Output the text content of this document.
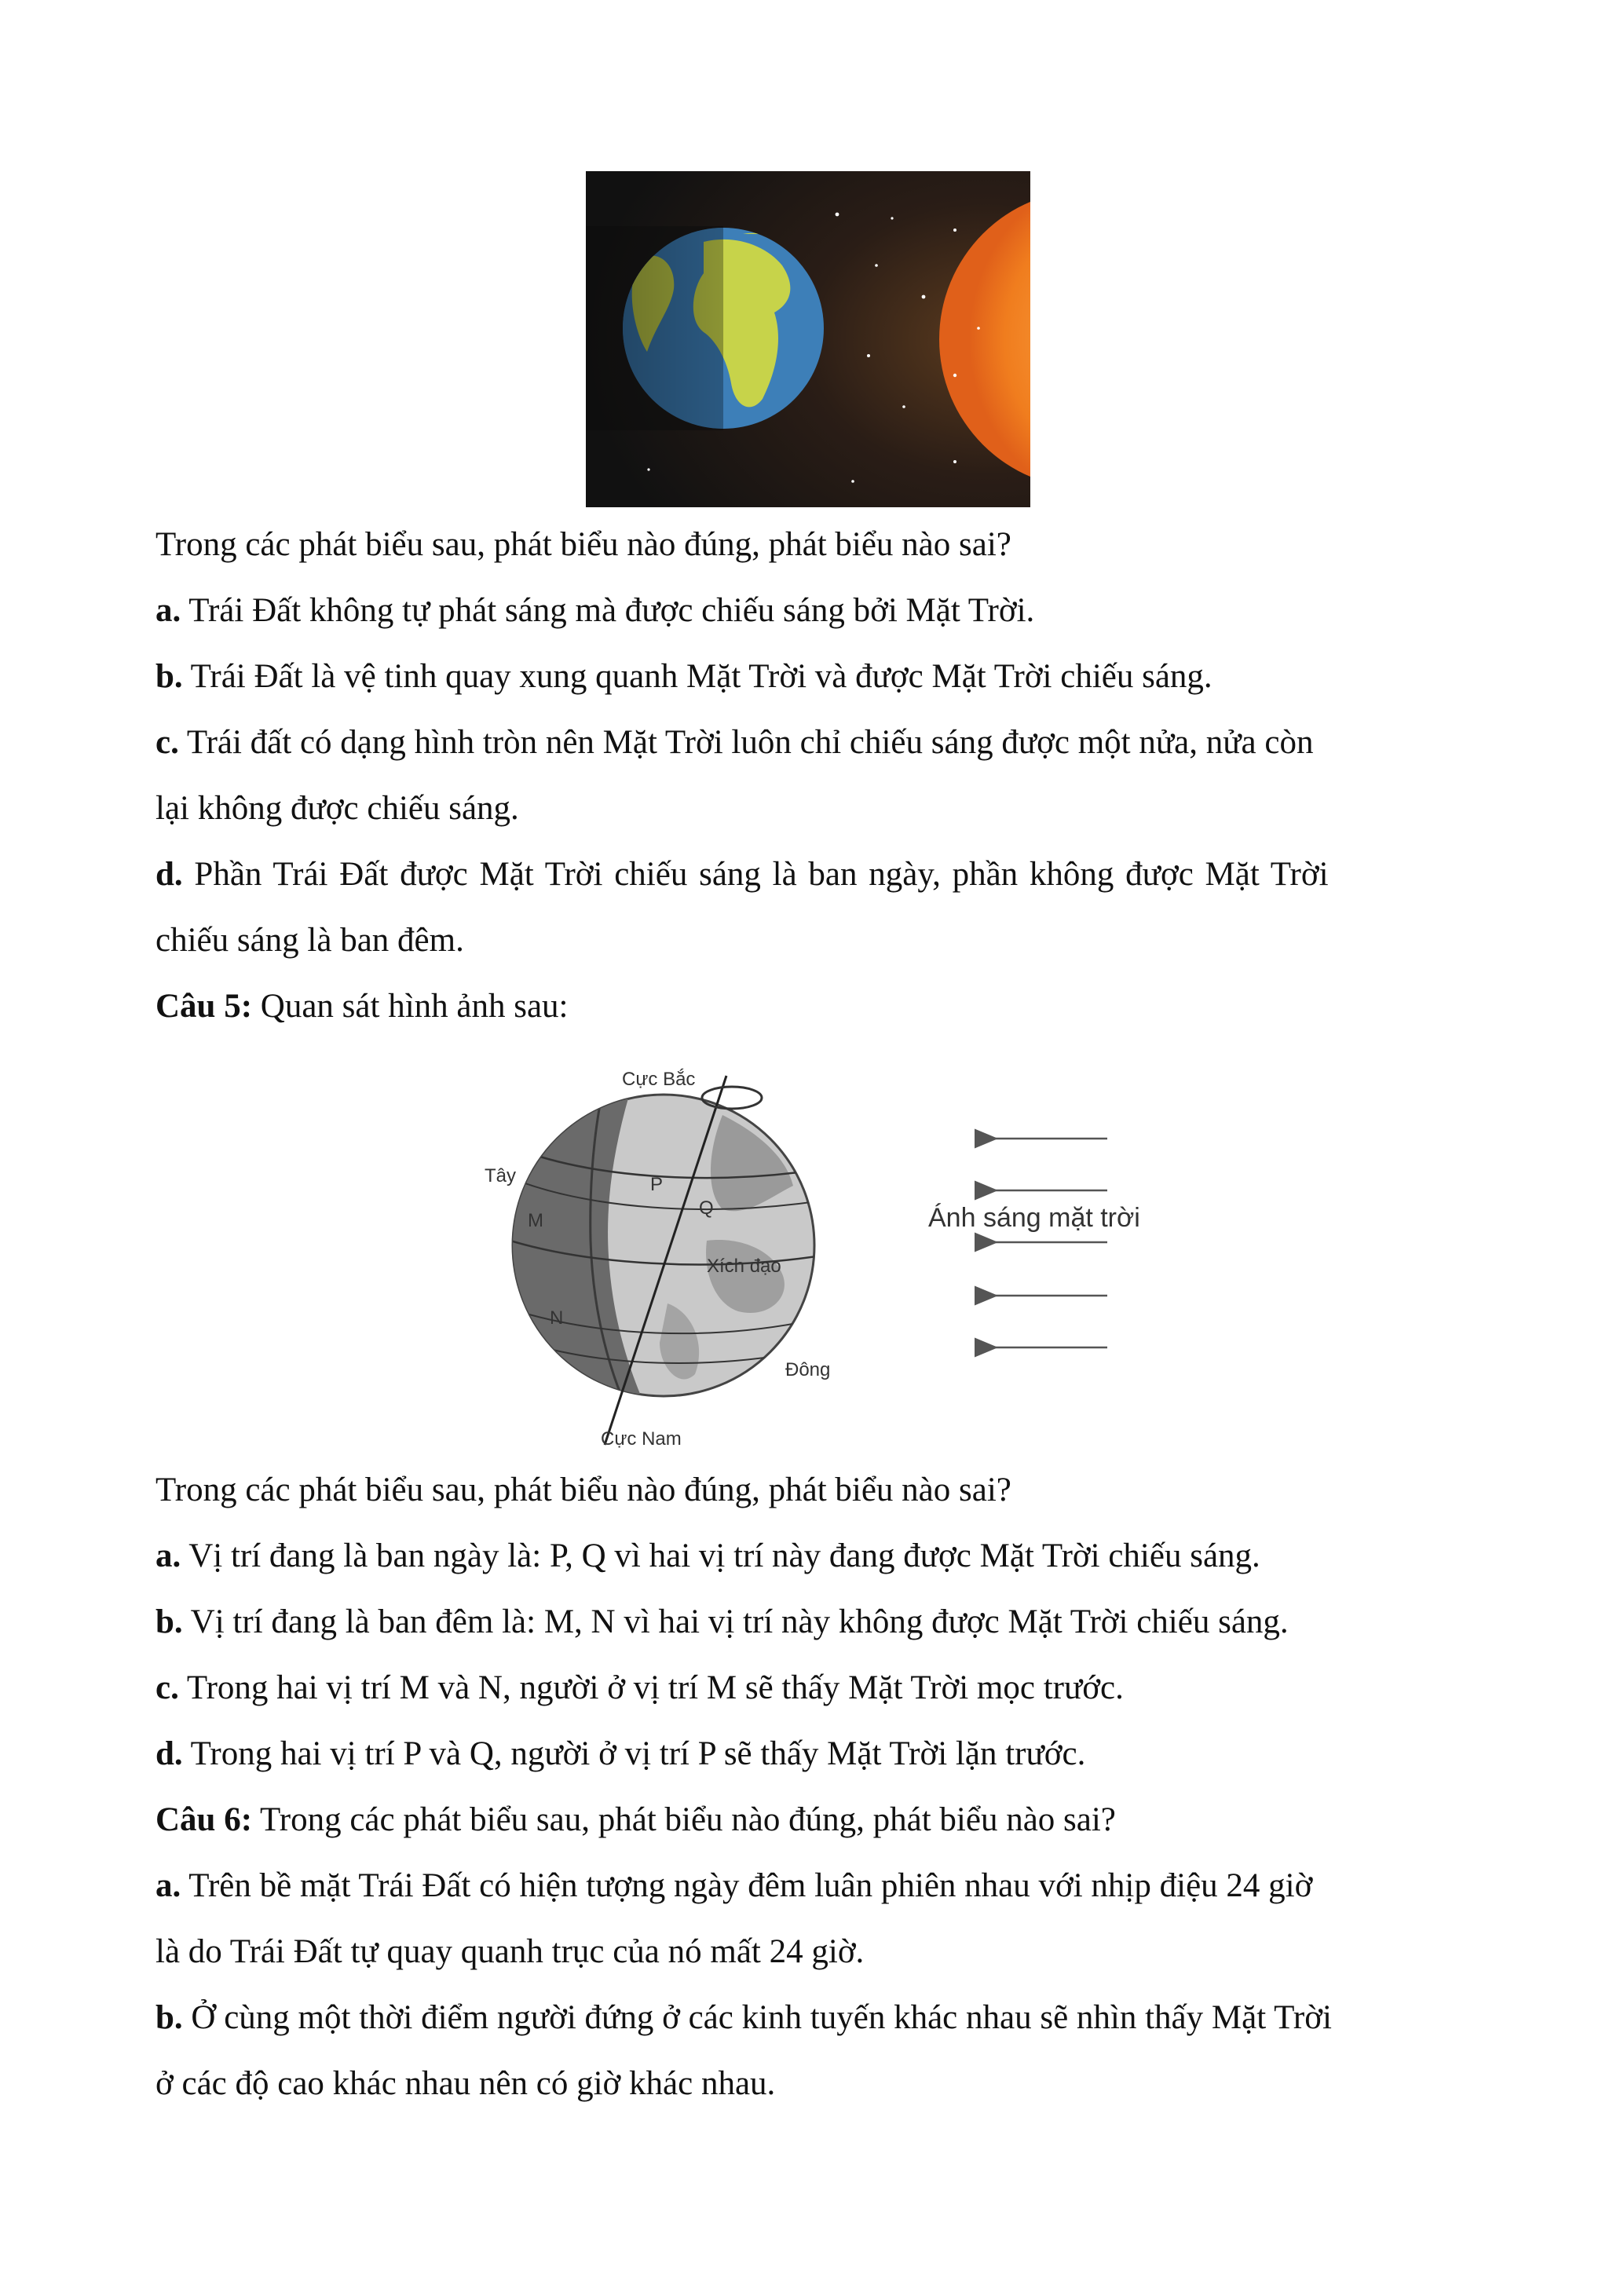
Trong các phát biểu sau, phát biểu nào đúng, phát biểu nào sai?
a. Trái Đất không tự phát sáng mà được chiếu sáng bởi Mặt Trời.
b. Trái Đất là vệ tinh quay xung quanh Mặt Trời và được Mặt Trời chiếu sáng.
c. Trái đất có dạng hình tròn nên Mặt Trời luôn chỉ chiếu sáng được một nửa, nửa còn
lại không được chiếu sáng.
d. Phần Trái Đất được Mặt Trời chiếu sáng là ban ngày, phần không được Mặt Trời
chiếu sáng là ban đêm.
Câu 5: Quan sát hình ảnh sau:
Cực Bắc
Cực Nam
Tây
Đông
Xích đạo
P
Q
M
N
Ánh sáng mặt trời
Trong các phát biểu sau, phát biểu nào đúng, phát biểu nào sai?
a. Vị trí đang là ban ngày là: P, Q vì hai vị trí này đang được Mặt Trời chiếu sáng.
b. Vị trí đang là ban đêm là: M, N vì hai vị trí này không được Mặt Trời chiếu sáng.
c. Trong hai vị trí M và N, người ở vị trí M sẽ thấy Mặt Trời mọc trước.
d. Trong hai vị trí P và Q, người ở vị trí P sẽ thấy Mặt Trời lặn trước.
Câu 6: Trong các phát biểu sau, phát biểu nào đúng, phát biểu nào sai?
a. Trên bề mặt Trái Đất có hiện tượng ngày đêm luân phiên nhau với nhịp điệu 24 giờ
là do Trái Đất tự quay quanh trục của nó mất 24 giờ.
b. Ở cùng một thời điểm người đứng ở các kinh tuyến khác nhau sẽ nhìn thấy Mặt Trời
ở các độ cao khác nhau nên có giờ khác nhau.
